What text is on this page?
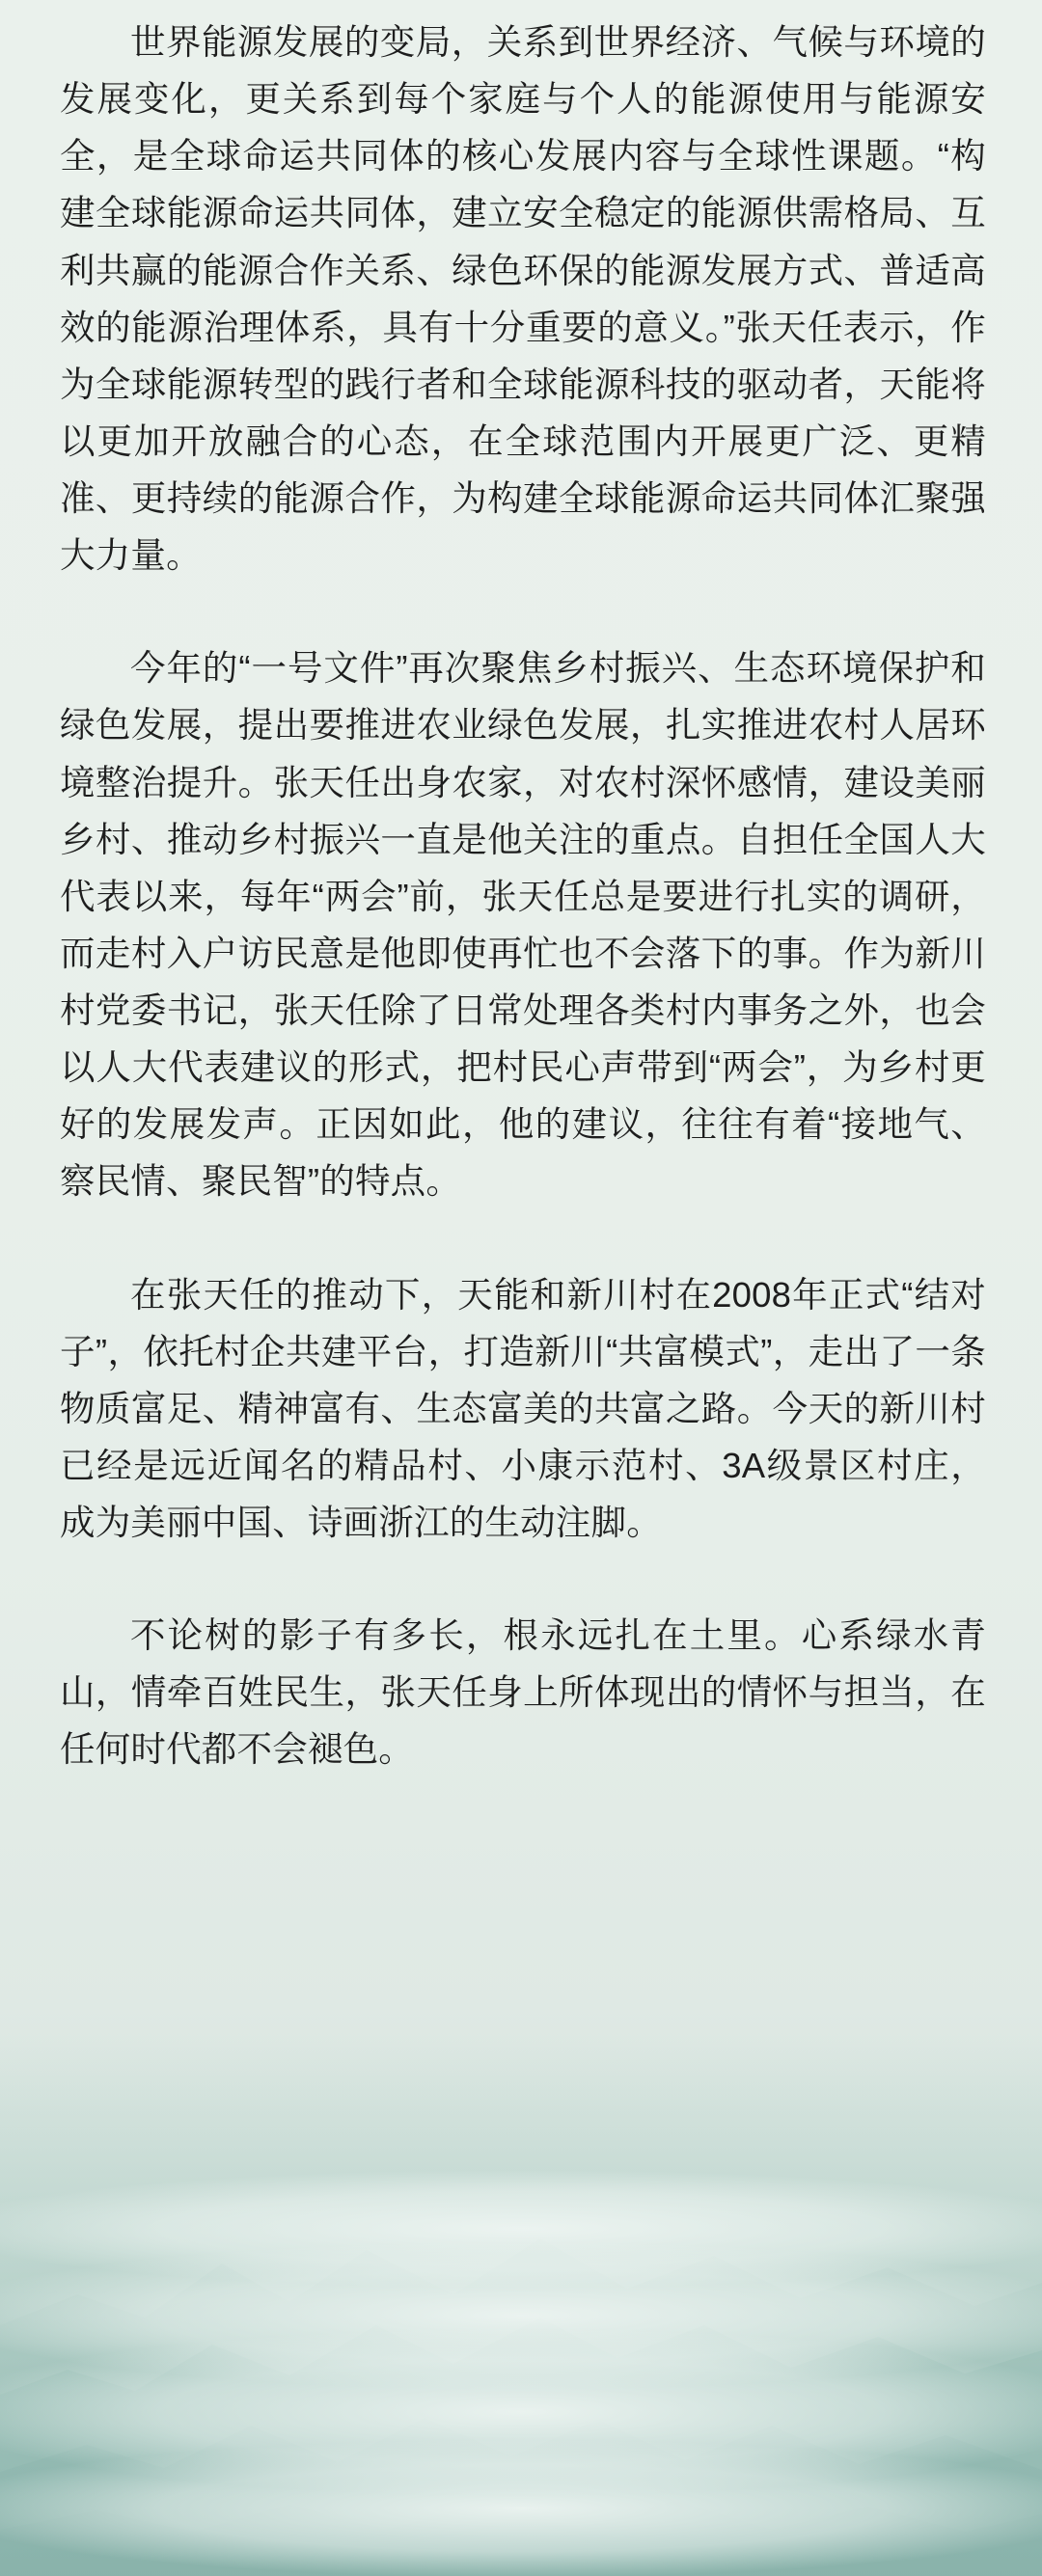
世界能源发展的变局，关系到世界经济、气候与环境的发展变化，更关系到每个家庭与个人的能源使用与能源安全，是全球命运共同体的核心发展内容与全球性课题。“构建全球能源命运共同体，建立安全稳定的能源供需格局、互利共赢的能源合作关系、绿色环保的能源发展方式、普适高效的能源治理体系，具有十分重要的意义。”张天任表示，作为全球能源转型的践行者和全球能源科技的驱动者，天能将以更加开放融合的心态，在全球范围内开展更广泛、更精准、更持续的能源合作，为构建全球能源命运共同体汇聚强大力量。

今年的“一号文件”再次聚焦乡村振兴、生态环境保护和绿色发展，提出要推进农业绿色发展，扎实推进农村人居环境整治提升。张天任出身农家，对农村深怀感情，建设美丽乡村、推动乡村振兴一直是他关注的重点。自担任全国人大代表以来，每年“两会”前，张天任总是要进行扎实的调研，而走村入户访民意是他即使再忙也不会落下的事。作为新川村党委书记，张天任除了日常处理各类村内事务之外，也会以人大代表建议的形式，把村民心声带到“两会”，为乡村更好的发展发声。正因如此，他的建议，往往有着“接地气、察民情、聚民智”的特点。

在张天任的推动下，天能和新川村在2008年正式“结对子”，依托村企共建平台，打造新川“共富模式”，走出了一条物质富足、精神富有、生态富美的共富之路。今天的新川村已经是远近闻名的精品村、小康示范村、3A级景区村庄，成为美丽中国、诗画浙江的生动注脚。

不论树的影子有多长，根永远扎在土里。心系绿水青山，情牵百姓民生，张天任身上所体现出的情怀与担当，在任何时代都不会褪色。
